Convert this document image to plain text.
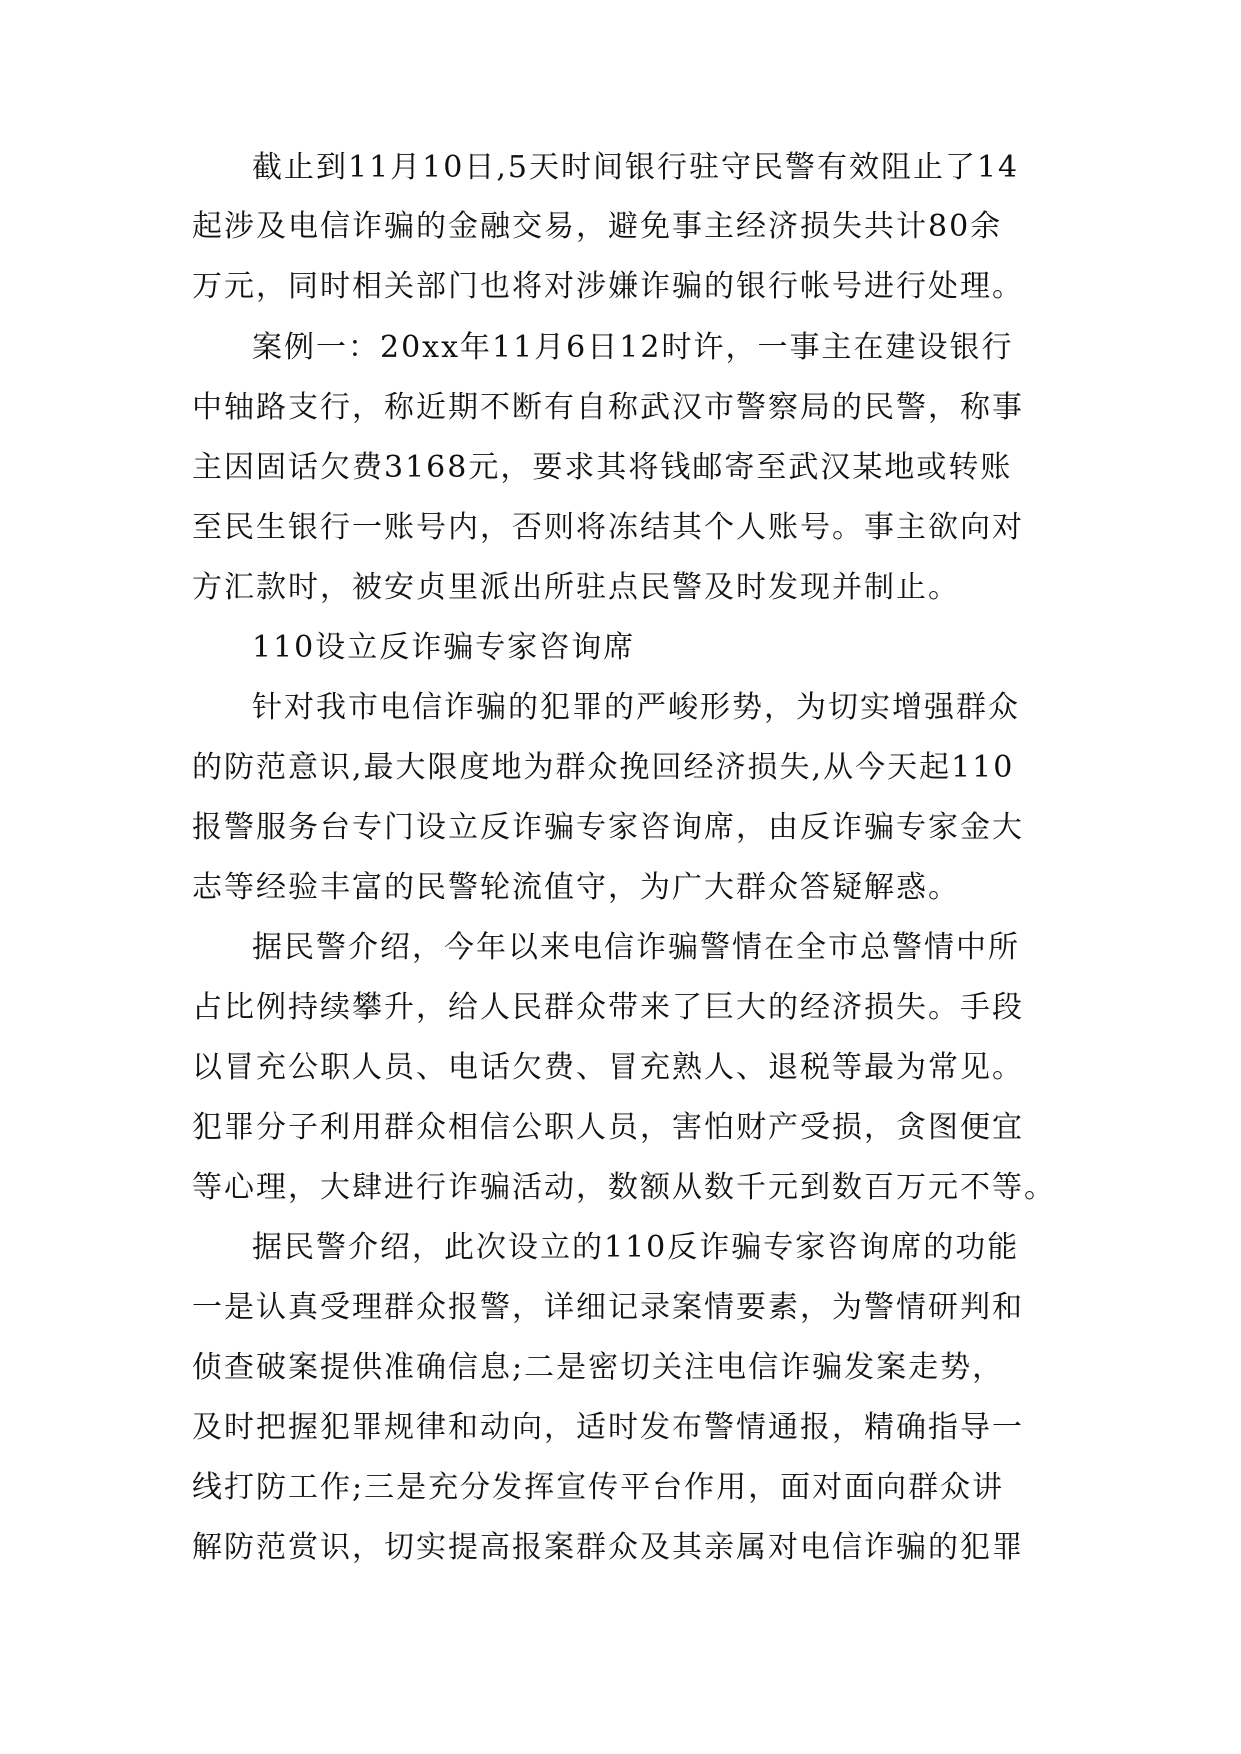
截止到11月10日,5天时间银行驻守民警有效阻止了14

起涉及电信诈骗的金融交易，避免事主经济损失共计80余

万元，同时相关部门也将对涉嫌诈骗的银行帐号进行处理。

案例一：20xx年11月6日12时许，一事主在建设银行

中轴路支行，称近期不断有自称武汉市警察局的民警，称事

主因固话欠费3168元，要求其将钱邮寄至武汉某地或转账

至民生银行一账号内，否则将冻结其个人账号。事主欲向对

方汇款时，被安贞里派出所驻点民警及时发现并制止。

110设立反诈骗专家咨询席

针对我市电信诈骗的犯罪的严峻形势，为切实增强群众

的防范意识,最大限度地为群众挽回经济损失,从今天起110

报警服务台专门设立反诈骗专家咨询席，由反诈骗专家金大

志等经验丰富的民警轮流值守，为广大群众答疑解惑。

据民警介绍，今年以来电信诈骗警情在全市总警情中所

占比例持续攀升，给人民群众带来了巨大的经济损失。手段

以冒充公职人员、电话欠费、冒充熟人、退税等最为常见。

犯罪分子利用群众相信公职人员，害怕财产受损，贪图便宜

等心理，大肆进行诈骗活动，数额从数千元到数百万元不等。

据民警介绍，此次设立的110反诈骗专家咨询席的功能

一是认真受理群众报警，详细记录案情要素，为警情研判和

侦查破案提供准确信息;二是密切关注电信诈骗发案走势，

及时把握犯罪规律和动向，适时发布警情通报，精确指导一

线打防工作;三是充分发挥宣传平台作用，面对面向群众讲

解防范赏识，切实提高报案群众及其亲属对电信诈骗的犯罪
